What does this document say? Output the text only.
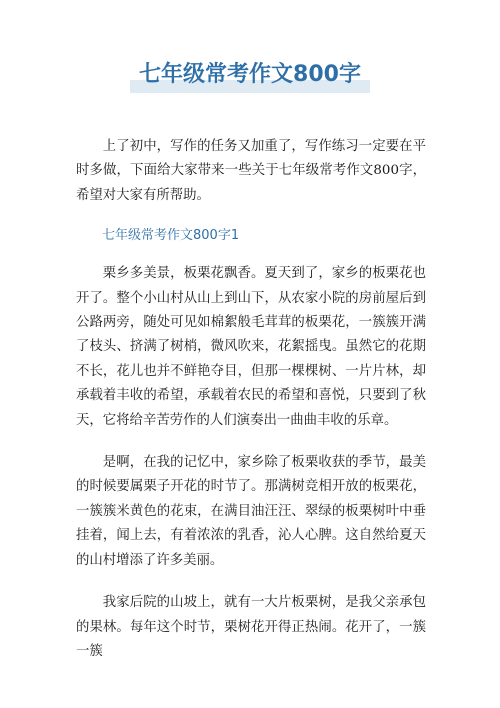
七年级常考作文800字

上了初中，写作的任务又加重了，写作练习一定要在平时多做，下面给大家带来一些关于七年级常考作文800字，希望对大家有所帮助。

七年级常考作文800字1

栗乡多美景，板栗花飘香。夏天到了，家乡的板栗花也开了。整个小山村从山上到山下，从农家小院的房前屋后到公路两旁，随处可见如棉絮般毛茸茸的板栗花，一簇簇开满了枝头、挤满了树梢，微风吹来，花絮摇曳。虽然它的花期不长，花儿也并不鲜艳夺目，但那一棵棵树、一片片林，却承载着丰收的希望，承载着农民的希望和喜悦，只要到了秋天，它将给辛苦劳作的人们演奏出一曲曲丰收的乐章。

是啊，在我的记忆中，家乡除了板栗收获的季节，最美的时候要属栗子开花的时节了。那满树竞相开放的板栗花，一簇簇米黄色的花束，在满目油汪汪、翠绿的板栗树叶中垂挂着，闻上去，有着浓浓的乳香，沁人心脾。这自然给夏天的山村增添了许多美丽。

我家后院的山坡上，就有一大片板栗树，是我父亲承包的果林。每年这个时节，栗树花开得正热闹。花开了，一簇一簇
